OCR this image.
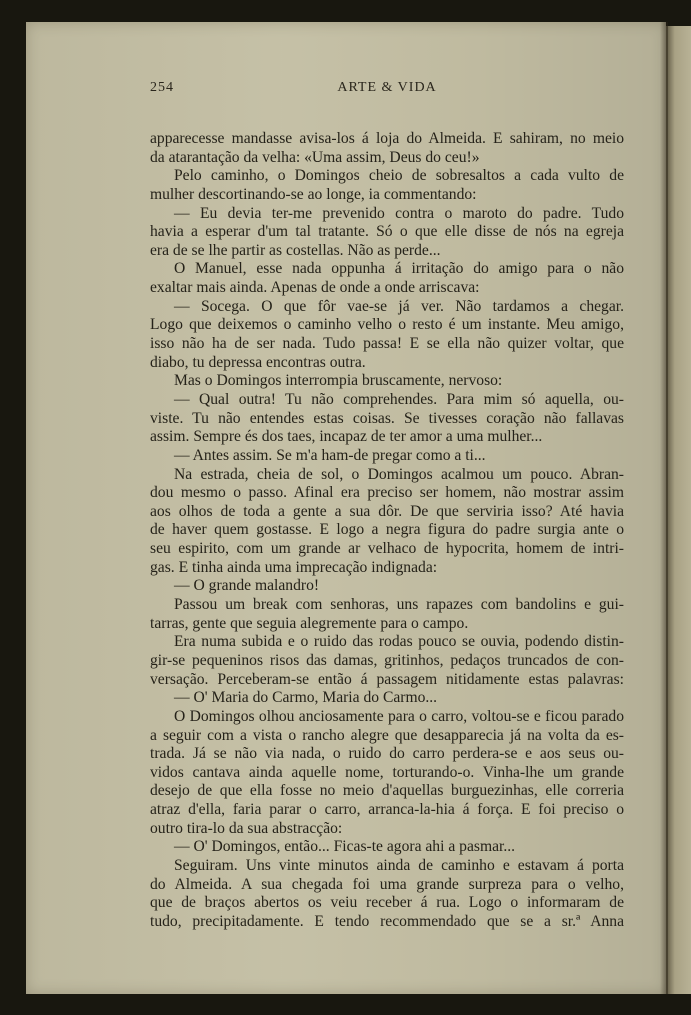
254	ARTE & VIDA
apparecesse mandasse avisa-los á loja do Almeida. E sahiram, no meio
da atarantação da velha: «Uma assim, Deus do ceu!»
Pelo caminho, o Domingos cheio de sobresaltos a cada vulto de
mulher descortinando-se ao longe, ia commentando:
— Eu devia ter-me prevenido contra o maroto do padre. Tudo
havia a esperar d'um tal tratante. Só o que elle disse de nós na egreja
era de se lhe partir as costellas. Não as perde...
O Manuel, esse nada oppunha á irritação do amigo para o não
exaltar mais ainda. Apenas de onde a onde arriscava:
— Socega. O que fôr vae-se já ver. Não tardamos a chegar.
Logo que deixemos o caminho velho o resto é um instante. Meu amigo,
isso não ha de ser nada. Tudo passa! E se ella não quizer voltar, que
diabo, tu depressa encontras outra.
Mas o Domingos interrompia bruscamente, nervoso:
— Qual outra! Tu não comprehendes. Para mim só aquella, ou-
viste. Tu não entendes estas coisas. Se tivesses coração não fallavas
assim. Sempre és dos taes, incapaz de ter amor a uma mulher...
— Antes assim. Se m'a ham-de pregar como a ti...
Na estrada, cheia de sol, o Domingos acalmou um pouco. Abran-
dou mesmo o passo. Afinal era preciso ser homem, não mostrar assim
aos olhos de toda a gente a sua dôr. De que serviria isso? Até havia
de haver quem gostasse. E logo a negra figura do padre surgia ante o
seu espirito, com um grande ar velhaco de hypocrita, homem de intri-
gas. E tinha ainda uma imprecação indignada:
— O grande malandro!
Passou um break com senhoras, uns rapazes com bandolins e gui-
tarras, gente que seguia alegremente para o campo.
Era numa subida e o ruido das rodas pouco se ouvia, podendo distin-
gir-se pequeninos risos das damas, gritinhos, pedaços truncados de con-
versação. Perceberam-se então á passagem nitidamente estas palavras:
— O' Maria do Carmo, Maria do Carmo...
O Domingos olhou anciosamente para o carro, voltou-se e ficou parado
a seguir com a vista o rancho alegre que desapparecia já na volta da es-
trada. Já se não via nada, o ruido do carro perdera-se e aos seus ou-
vidos cantava ainda aquelle nome, torturando-o. Vinha-lhe um grande
desejo de que ella fosse no meio d'aquellas burguezinhas, elle correria
atraz d'ella, faria parar o carro, arranca-la-hia á força. E foi preciso o
outro tira-lo da sua abstracção:
— O' Domingos, então... Ficas-te agora ahi a pasmar...
Seguiram. Uns vinte minutos ainda de caminho e estavam á porta
do Almeida. A sua chegada foi uma grande surpreza para o velho,
que de braços abertos os veiu receber á rua. Logo o informaram de
tudo, precipitadamente. E tendo recommendado que se a sr.ª Anna
